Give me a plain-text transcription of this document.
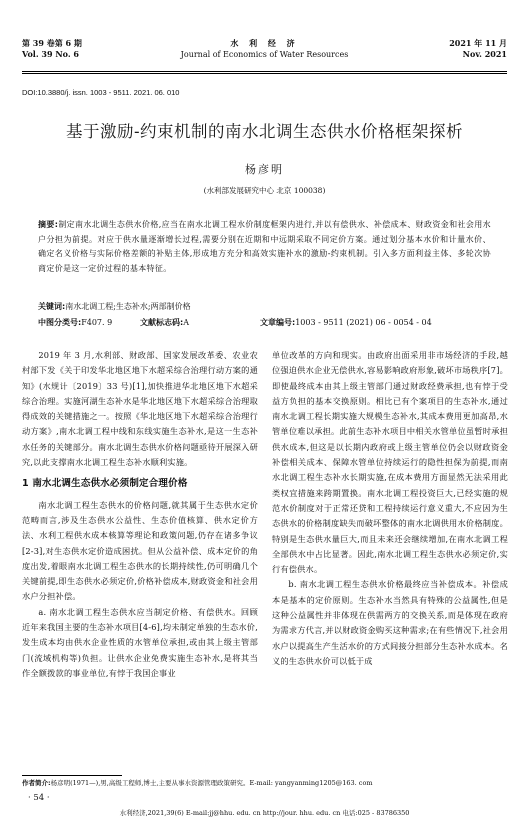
第 39 卷第 6 期
Vol. 39 No. 6
水 利 经 济
Journal of Economics of Water Resources
2021 年 11 月
Nov. 2021
DOI:10.3880/j. issn. 1003 - 9511. 2021. 06. 010
基于激励-约束机制的南水北调生态供水价格框架探析
杨彦明
(水利部发展研究中心 北京 100038)
摘要:制定南水北调生态供水价格,应当在南水北调工程水价制度框架内进行,并以有偿供水、补偿成本、财政资金和社会用水户分担为前提。对应于供水量逐渐增长过程,需要分别在近期和中远期采取不同定价方案。通过划分基本水价和计量水价、确定名义价格与实际价格差额的补贴主体,形成地方充分和高效实施补水的激励-约束机制。引入多方面利益主体、多轮次协商定价是这一定价过程的基本特征。
关键词:南水北调工程;生态补水;两部制价格
中图分类号:F407. 9	文献标志码:A	文章编号:1003 - 9511 (2021) 06 - 0054 - 04

2019 年 3 月,水利部、财政部、国家发展改革委、农业农村部下发《关于印发华北地区地下水超采综合治理行动方案的通知》(水规计〔2019〕33 号)[1],加快推进华北地区地下水超采综合治理。实施河湖生态补水是华北地区地下水超采综合治理取得成效的关键措施之一。按照《华北地区地下水超采综合治理行动方案》,南水北调工程中线和东线实施生态补水,是这一生态补水任务的关键部分。南水北调生态供水价格问题亟待开展深入研究,以此支撑南水北调工程生态补水顺利实施。

1 南水北调生态供水必须制定合理价格

南水北调工程生态供水的价格问题,就其属于生态供水定价范畴而言,涉及生态供水公益性、生态价值核算、供水定价方法、水利工程供水成本核算等理论和政策问题,仍存在诸多争议[2-3],对生态供水定价造成困扰。但从公益补偿、成本定价的角度出发,着眼南水北调工程生态供水的长期持续性,仍可明确几个关键前提,即生态供水必须定价,价格补偿成本,财政资金和社会用水户分担补偿。

a. 南水北调工程生态供水应当制定价格、有偿供水。回顾近年来我国主要的生态补水项目[4-6],均未制定单独的生态水价,发生成本均由供水企业性质的水管单位承担,或由其上级主管部门(流域机构等)负担。让供水企业免费实施生态补水,是将其当作全额拨款的事业单位,有悖于我国企事业

单位改革的方向和现实。由政府出面采用非市场经济的手段,越位强迫供水企业无偿供水,容易影响政府形象,破坏市场秩序[7]。即使最终成本由其上级主管部门通过财政经费承担,也有悖于受益方负担的基本交换原则。相比已有个案项目的生态补水,通过南水北调工程长期实施大规模生态补水,其成本费用更加高昂,水管单位难以承担。此前生态补水项目中相关水管单位虽暂时承担供水成本,但这是以长期内政府或上级主管单位仍会以财政资金补偿相关成本、保障水管单位持续运行的隐性担保为前提,而南水北调工程生态补水长期实施,在成本费用方面显然无法采用此类权宜措施来跨期置换。南水北调工程投资巨大,已经实施的规范水价制度对于正常还贷和工程持续运行意义重大,不应因为生态供水的价格制度缺失而破坏整体的南水北调供用水价格制度。特别是生态供水量巨大,而且未来还会继续增加,在南水北调工程全部供水中占比显著。因此,南水北调工程生态供水必须定价,实行有偿供水。

b. 南水北调工程生态供水价格最终应当补偿成本。补偿成本是基本的定价原则。生态补水当然具有特殊的公益属性,但是这种公益属性并非体现在供需两方的交换关系,而是体现在政府为需求方代言,并以财政资金购买这种需求;在有些情况下,社会用水户以提高生产生活水价的方式间接分担部分生态补水成本。名义的生态供水价可以低于成

作者简介:杨彦明(1971—),男,高级工程师,博士,主要从事水资源管理政策研究。E-mail: yangyanming1205@163. com
· 54 ·
水利经济,2021,39(6) E-mail:jj@hhu. edu. cn http://jour. hhu. edu. cn 电话:025 - 83786350
